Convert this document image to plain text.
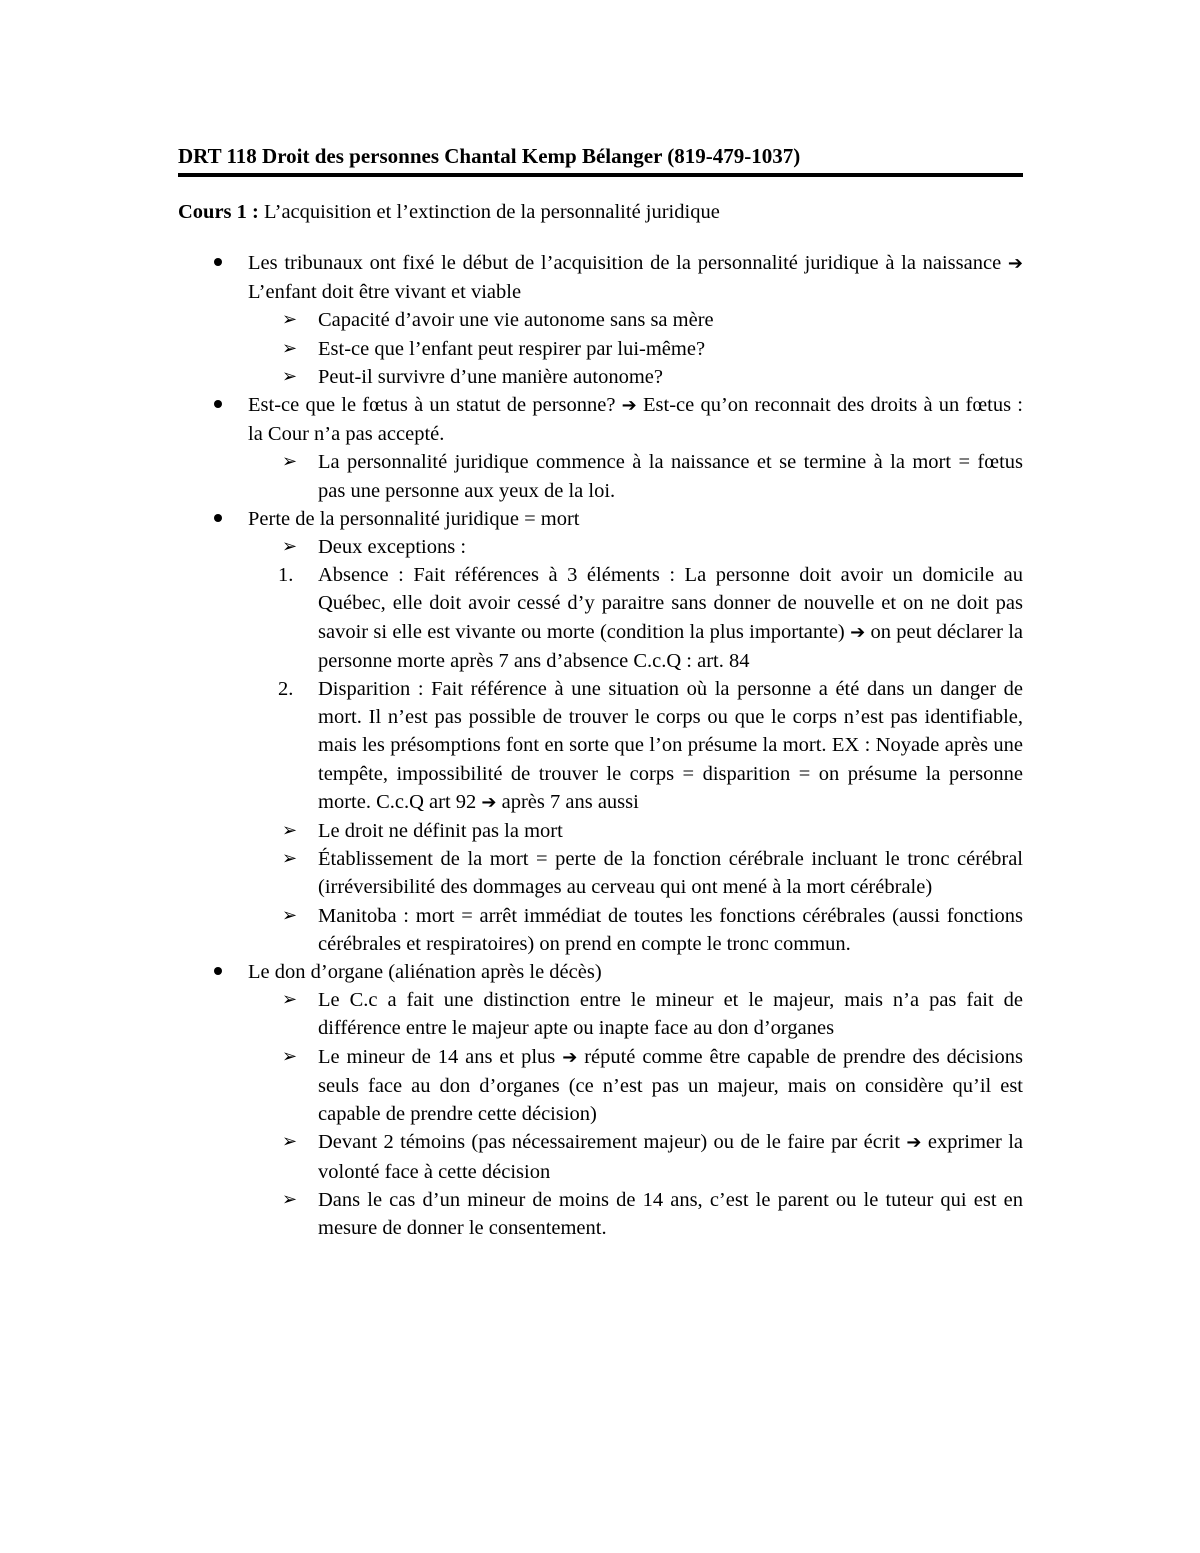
DRT 118 Droit des personnes Chantal Kemp Bélanger (819-479-1037)
Cours 1 : L’acquisition et l’extinction de la personnalité juridique
Les tribunaux ont fixé le début de l’acquisition de la personnalité juridique à la naissance ➔ L’enfant doit être vivant et viable
➢ Capacité d’avoir une vie autonome sans sa mère
➢ Est-ce que l’enfant peut respirer par lui-même?
➢ Peut-il survivre d’une manière autonome?
Est-ce que le fœtus à un statut de personne? ➔ Est-ce qu’on reconnait des droits à un fœtus : la Cour n’a pas accepté.
➢ La personnalité juridique commence à la naissance et se termine à la mort = fœtus pas une personne aux yeux de la loi.
Perte de la personnalité juridique = mort
➢ Deux exceptions :
1. Absence : Fait références à 3 éléments : La personne doit avoir un domicile au Québec, elle doit avoir cessé d’y paraitre sans donner de nouvelle et on ne doit pas savoir si elle est vivante ou morte (condition la plus importante) ➔ on peut déclarer la personne morte après 7 ans d’absence C.c.Q : art. 84
2. Disparition : Fait référence à une situation où la personne a été dans un danger de mort. Il n’est pas possible de trouver le corps ou que le corps n’est pas identifiable, mais les présomptions font en sorte que l’on présume la mort. EX : Noyade après une tempête, impossibilité de trouver le corps = disparition = on présume la personne morte. C.c.Q art 92 ➔ après 7 ans aussi
➢ Le droit ne définit pas la mort
➢ Établissement de la mort = perte de la fonction cérébrale incluant le tronc cérébral (irréversibilité des dommages au cerveau qui ont mené à la mort cérébrale)
➢ Manitoba : mort = arrêt immédiat de toutes les fonctions cérébrales (aussi fonctions cérébrales et respiratoires) on prend en compte le tronc commun.
Le don d’organe (aliénation après le décès)
➢ Le C.c a fait une distinction entre le mineur et le majeur, mais n’a pas fait de différence entre le majeur apte ou inapte face au don d’organes
➢ Le mineur de 14 ans et plus ➔ réputé comme être capable de prendre des décisions seuls face au don d’organes (ce n’est pas un majeur, mais on considère qu’il est capable de prendre cette décision)
➢ Devant 2 témoins (pas nécessairement majeur) ou de le faire par écrit ➔ exprimer la volonté face à cette décision
➢ Dans le cas d’un mineur de moins de 14 ans, c’est le parent ou le tuteur qui est en mesure de donner le consentement.
